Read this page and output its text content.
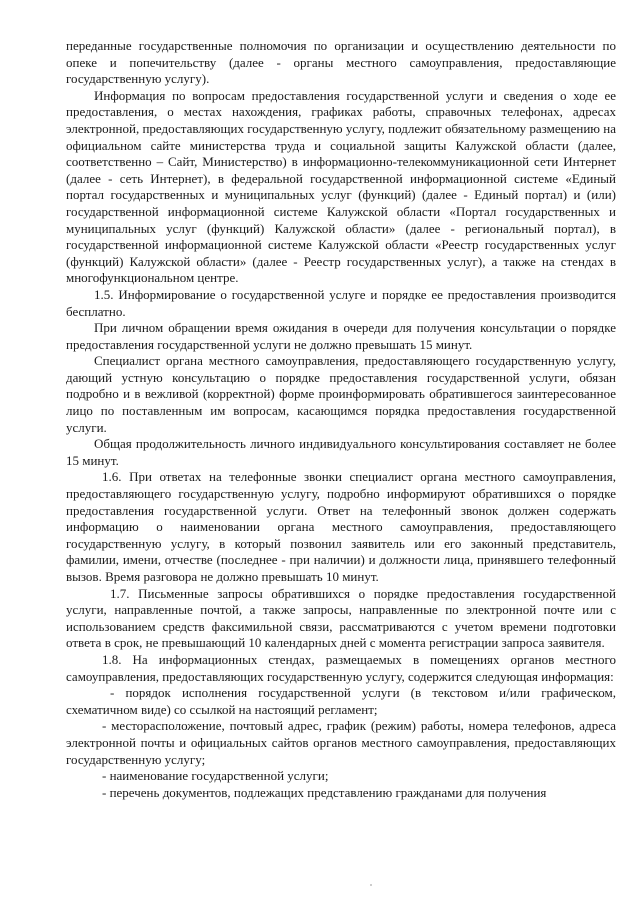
переданные государственные полномочия по организации и осуществлению деятельности по опеке и попечительству (далее - органы местного самоуправления, предоставляющие государственную услугу).

Информация по вопросам предоставления государственной услуги и сведения о ходе ее предоставления, о местах нахождения, графиках работы, справочных телефонах, адресах электронной, предоставляющих государственную услугу, подлежит обязательному размещению на официальном сайте министерства труда и социальной защиты Калужской области (далее, соответственно – Сайт, Министерство) в информационно-телекоммуникационной сети Интернет (далее - сеть Интернет), в федеральной государственной информационной системе «Единый портал государственных и муниципальных услуг (функций) (далее - Единый портал) и (или) государственной информационной системе Калужской области «Портал государственных и муниципальных услуг (функций) Калужской области» (далее - региональный портал), в государственной информационной системе Калужской области «Реестр государственных услуг (функций) Калужской области» (далее - Реестр государственных услуг), а также на стендах в многофункциональном центре.

1.5. Информирование о государственной услуге и порядке ее предоставления производится бесплатно.

При личном обращении время ожидания в очереди для получения консультации о порядке предоставления государственной услуги не должно превышать 15 минут.

Специалист органа местного самоуправления, предоставляющего государственную услугу, дающий устную консультацию о порядке предоставления государственной услуги, обязан подробно и в вежливой (корректной) форме проинформировать обратившегося заинтересованное лицо по поставленным им вопросам, касающимся порядка предоставления государственной услуги.

Общая продолжительность личного индивидуального консультирования составляет не более 15 минут.

1.6. При ответах на телефонные звонки специалист органа местного самоуправления, предоставляющего государственную услугу, подробно информируют обратившихся о порядке предоставления государственной услуги. Ответ на телефонный звонок должен содержать информацию о наименовании органа местного самоуправления, предоставляющего государственную услугу, в который позвонил заявитель или его законный представитель, фамилии, имени, отчестве (последнее - при наличии) и должности лица, принявшего телефонный вызов. Время разговора не должно превышать 10 минут.

1.7. Письменные запросы обратившихся о порядке предоставления государственной услуги, направленные почтой, а также запросы, направленные по электронной почте или с использованием средств факсимильной связи, рассматриваются с учетом времени подготовки ответа в срок, не превышающий 10 календарных дней с момента регистрации запроса заявителя.

1.8. На информационных стендах, размещаемых в помещениях органов местного самоуправления, предоставляющих государственную услугу, содержится следующая информация:

- порядок исполнения государственной услуги (в текстовом и/или графическом, схематичном виде) со ссылкой на настоящий регламент;

- месторасположение, почтовый адрес, график (режим) работы, номера телефонов, адреса электронной почты и официальных сайтов органов местного самоуправления, предоставляющих государственную услугу;

- наименование государственной услуги;

- перечень документов, подлежащих представлению гражданами для получения
